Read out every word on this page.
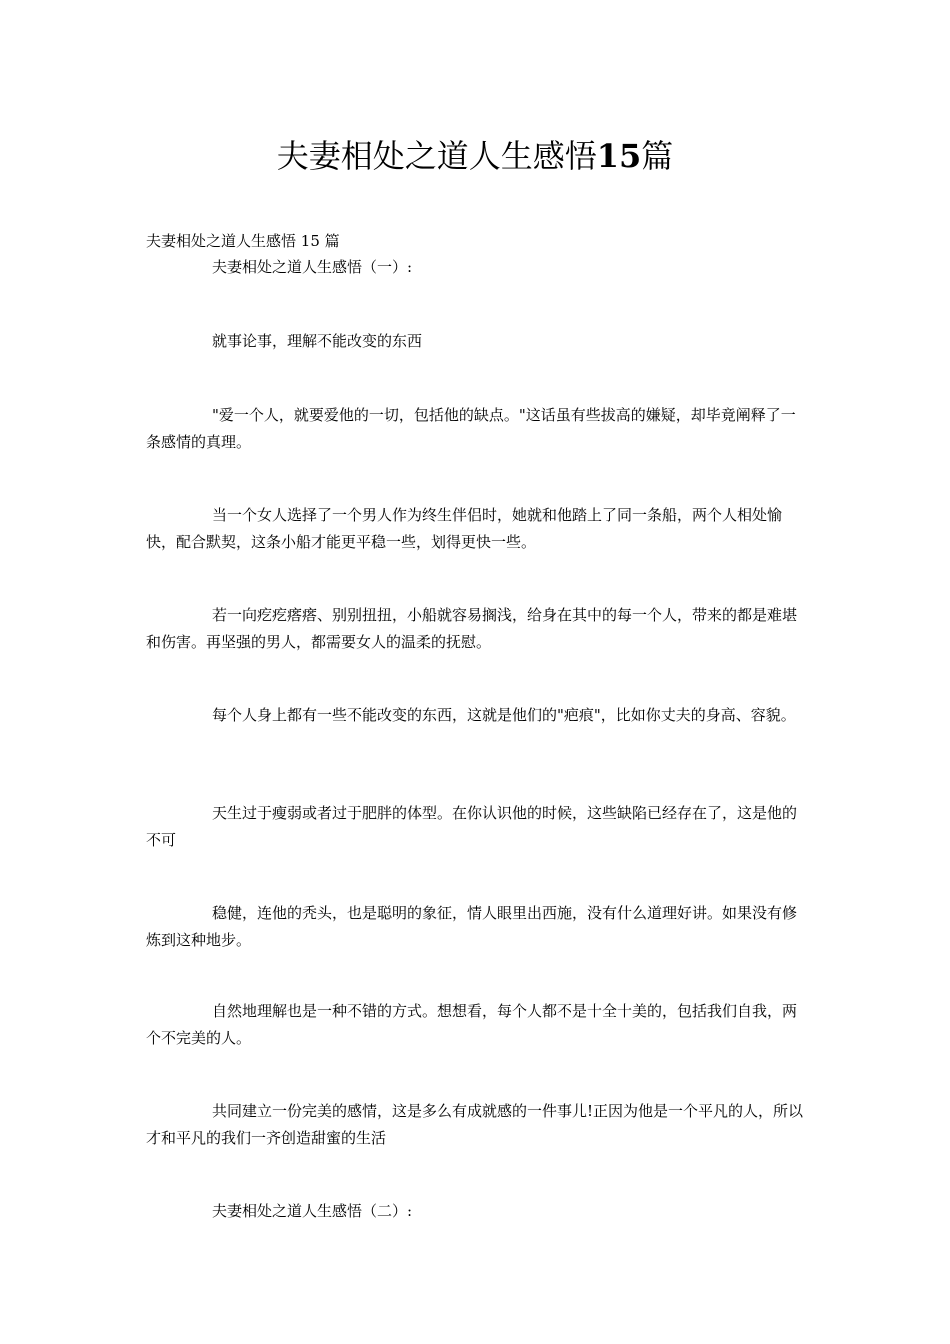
夫妻相处之道人生感悟15篇

夫妻相处之道人生感悟 15 篇

夫妻相处之道人生感悟（一）:

就事论事，理解不能改变的东西

"爱一个人，就要爱他的一切，包括他的缺点。"这话虽有些拔高的嫌疑，却毕竟阐释了一条感情的真理。

当一个女人选择了一个男人作为终生伴侣时，她就和他踏上了同一条船，两个人相处愉快，配合默契，这条小船才能更平稳一些，划得更快一些。

若一向疙疙瘩瘩、别别扭扭，小船就容易搁浅，给身在其中的每一个人，带来的都是难堪和伤害。再坚强的男人，都需要女人的温柔的抚慰。

每个人身上都有一些不能改变的东西，这就是他们的"疤痕"，比如你丈夫的身高、容貌。

天生过于瘦弱或者过于肥胖的体型。在你认识他的时候，这些缺陷已经存在了，这是他的不可

稳健，连他的秃头，也是聪明的象征，情人眼里出西施，没有什么道理好讲。如果没有修炼到这种地步。

自然地理解也是一种不错的方式。想想看，每个人都不是十全十美的，包括我们自我，两个不完美的人。

共同建立一份完美的感情，这是多么有成就感的一件事儿!正因为他是一个平凡的人，所以才和平凡的我们一齐创造甜蜜的生活

夫妻相处之道人生感悟（二）:
